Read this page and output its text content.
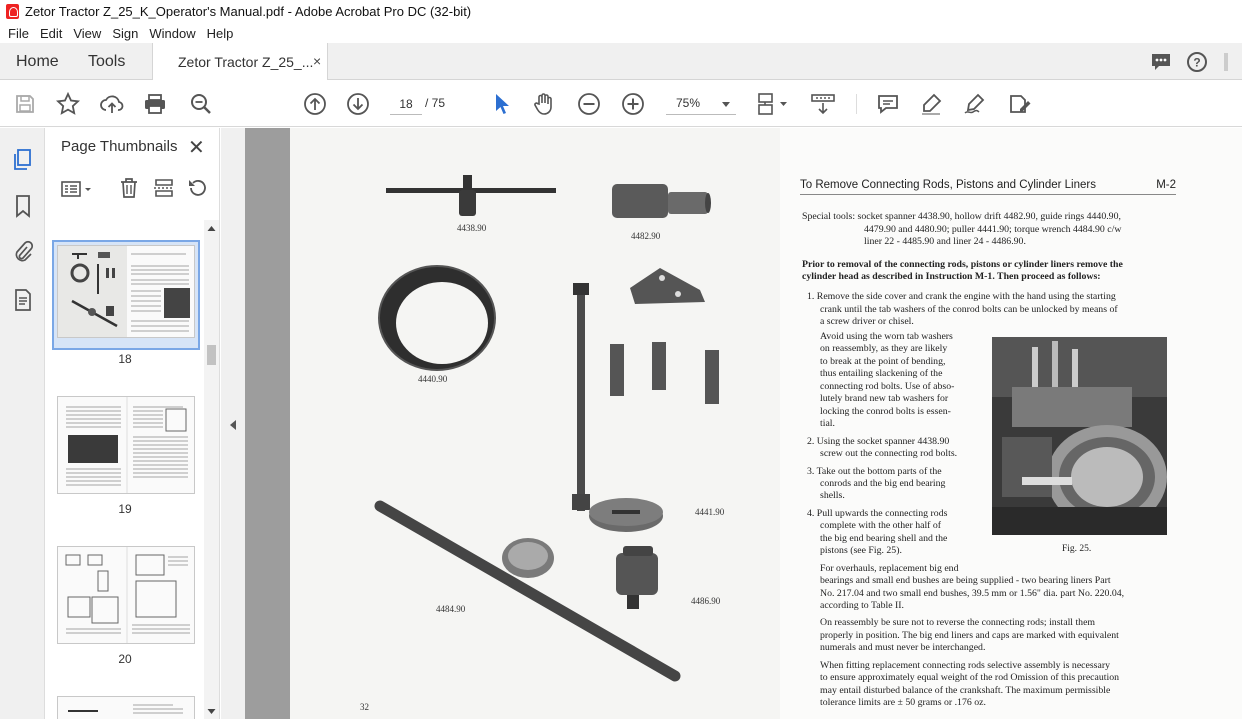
Zetor Tractor Z_25_K_Operator's Manual.pdf - Adobe Acrobat Pro DC (32-bit)
File Edit View Sign Window Help
Home Tools	Zetor Tractor Z_25_... ×	?
18
/ 75	75%
Page Thumbnails ✕
18
19
20
4438.90
4482.90
4440.90
4441.90
4484.90
4486.90
32
To Remove Connecting Rods, Pistons and Cylinder Liners	M-2
Special tools: socket spanner 4438.90, hollow drift 4482.90, guide rings 4440.90,
4479.90 and 4480.90; puller 4441.90; torque wrench 4484.90 c/w
liner 22 - 4485.90 and liner 24 - 4486.90.
Prior to removal of the connecting rods, pistons or cylinder liners remove the
cylinder head as described in Instruction M-1. Then proceed as follows:
1. Remove the side cover and crank the engine with the hand using the starting
crank until the tab washers of the conrod bolts can be unlocked by means of
a screw driver or chisel.
Avoid using the worn tab washers
on reassembly, as they are likely
to break at the point of bending,
thus entailing slackening of the
connecting rod bolts. Use of abso-
lutely brand new tab washers for
locking the conrod bolts is essen-
tial.
2. Using the socket spanner 4438.90
screw out the connecting rod bolts.
3. Take out the bottom parts of the
conrods and the big end bearing
shells.
4. Pull upwards the connecting rods
complete with the other half of
the big end bearing shell and the
pistons (see Fig. 25).	Fig. 25.
For overhauls, replacement big end
bearings and small end bushes are being supplied - two bearing liners Part
No. 217.04 and two small end bushes, 39.5 mm or 1.56" dia. part No. 220.04,
according to Table II.
On reassembly be sure not to reverse the connecting rods; install them
properly in position. The big end liners and caps are marked with equivalent
numerals and must never be interchanged.
When fitting replacement connecting rods selective assembly is necessary
to ensure approximately equal weight of the rod Omission of this precaution
may entail disturbed balance of the crankshaft. The maximum permissible
tolerance limits are ± 50 grams or .176 oz.
